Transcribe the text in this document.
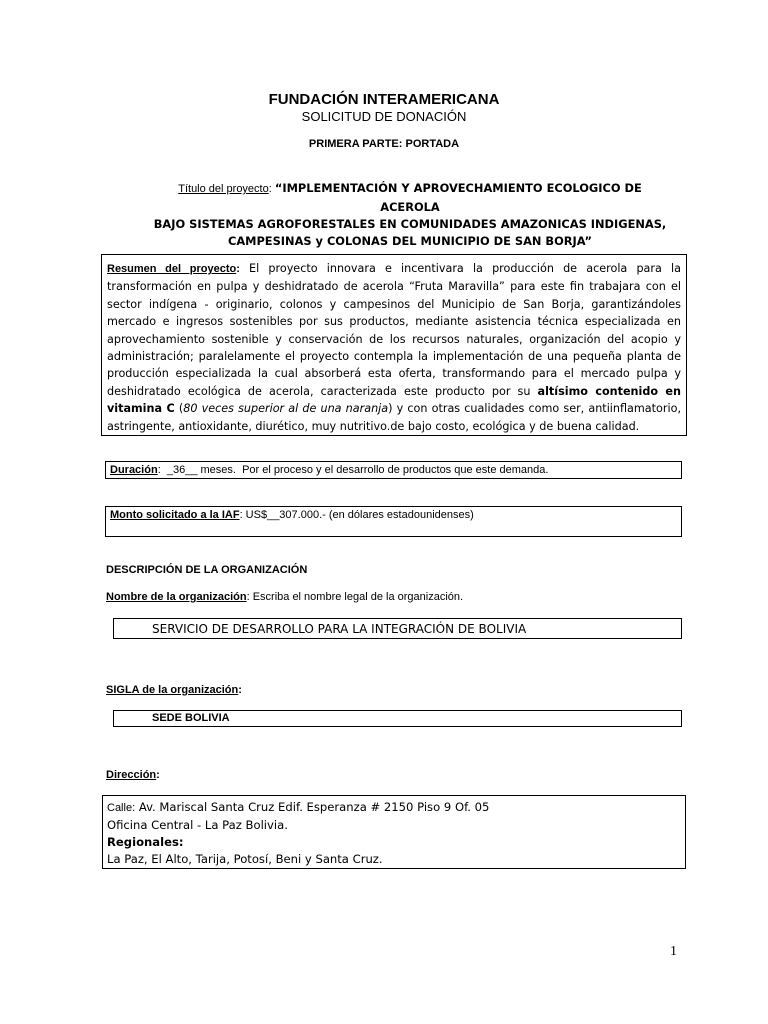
FUNDACIÓN INTERAMERICANA
SOLICITUD DE DONACIÓN
PRIMERA PARTE: PORTADA
Título del proyecto: “IMPLEMENTACIÓN Y APROVECHAMIENTO ECOLOGICO DE ACEROLA
BAJO SISTEMAS AGROFORESTALES EN COMUNIDADES AMAZONICAS INDIGENAS,
CAMPESINAS y COLONAS DEL MUNICIPIO DE SAN BORJA”
Resumen del proyecto: El proyecto innovara e incentivara la producción de acerola para la transformación en pulpa y deshidratado de acerola “Fruta Maravilla” para este fin trabajara con el sector indígena - originario, colonos y campesinos del Municipio de San Borja, garantizándoles mercado e ingresos sostenibles por sus productos, mediante asistencia técnica especializada en aprovechamiento sostenible y conservación de los recursos naturales, organización del acopio y administración; paralelamente el proyecto contempla la implementación de una pequeña planta de producción especializada la cual absorberá esta oferta, transformando para el mercado pulpa y deshidratado ecológica de acerola, caracterizada este producto por su altísimo contenido en vitamina C (80 veces superior al de una naranja) y con otras cualidades como ser, antiinflamatorio, astringente, antioxidante, diurético, muy nutritivo.de bajo costo, ecológica y de buena calidad.
Duración:  _36__ meses.  Por el proceso y el desarrollo de productos que este demanda.
Monto solicitado a la IAF: US$__307.000.- (en dólares estadounidenses)
DESCRIPCIÓN DE LA ORGANIZACIÓN
Nombre de la organización: Escriba el nombre legal de la organización.
SERVICIO DE DESARROLLO PARA LA INTEGRACIÓN DE BOLIVIA
SIGLA de la organización:
SEDE BOLIVIA
Dirección:
Calle: Av. Mariscal Santa Cruz Edif. Esperanza # 2150 Piso 9 Of. 05
Oficina Central - La Paz Bolivia.
Regionales:
La Paz, El Alto, Tarija, Potosí, Beni y Santa Cruz.
1
